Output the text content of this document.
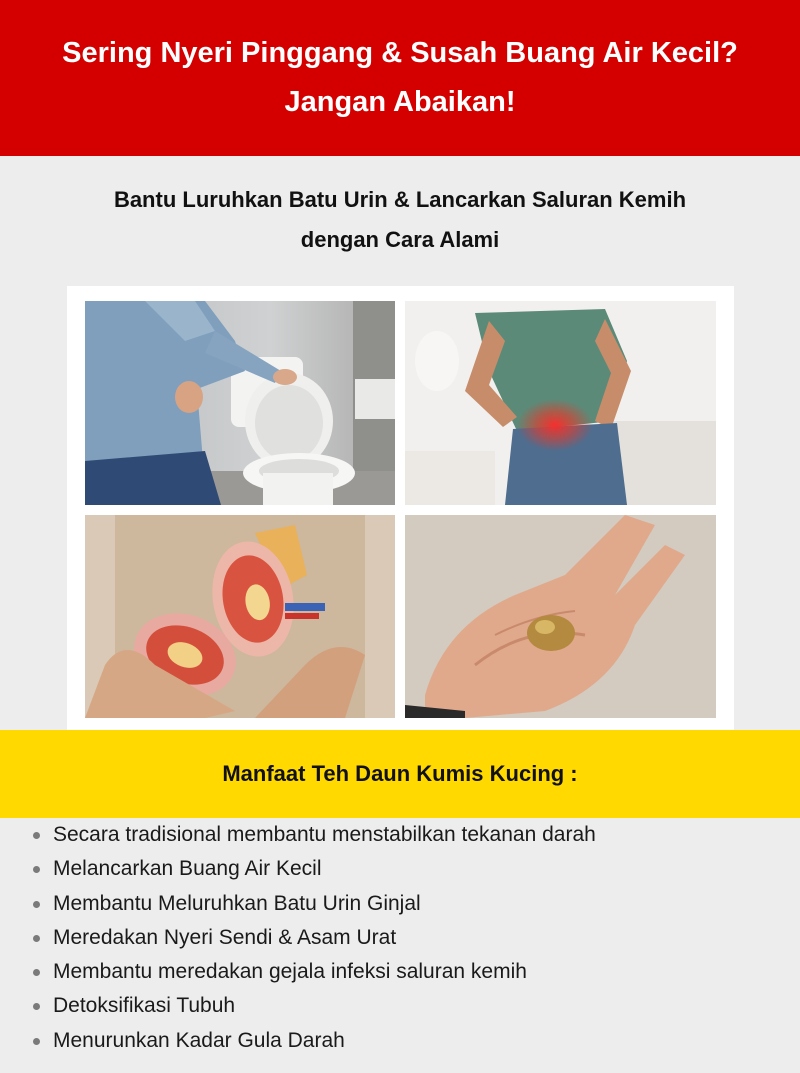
Sering Nyeri Pinggang & Susah Buang Air Kecil?
Jangan Abaikan!
Bantu Luruhkan Batu Urin & Lancarkan Saluran Kemih
dengan Cara Alami
Manfaat Teh Daun Kumis Kucing :
Secara tradisional membantu menstabilkan tekanan darah
Melancarkan Buang Air Kecil
Membantu Meluruhkan Batu Urin Ginjal
Meredakan Nyeri Sendi & Asam Urat
Membantu meredakan gejala infeksi saluran kemih
Detoksifikasi Tubuh
Menurunkan Kadar Gula Darah
